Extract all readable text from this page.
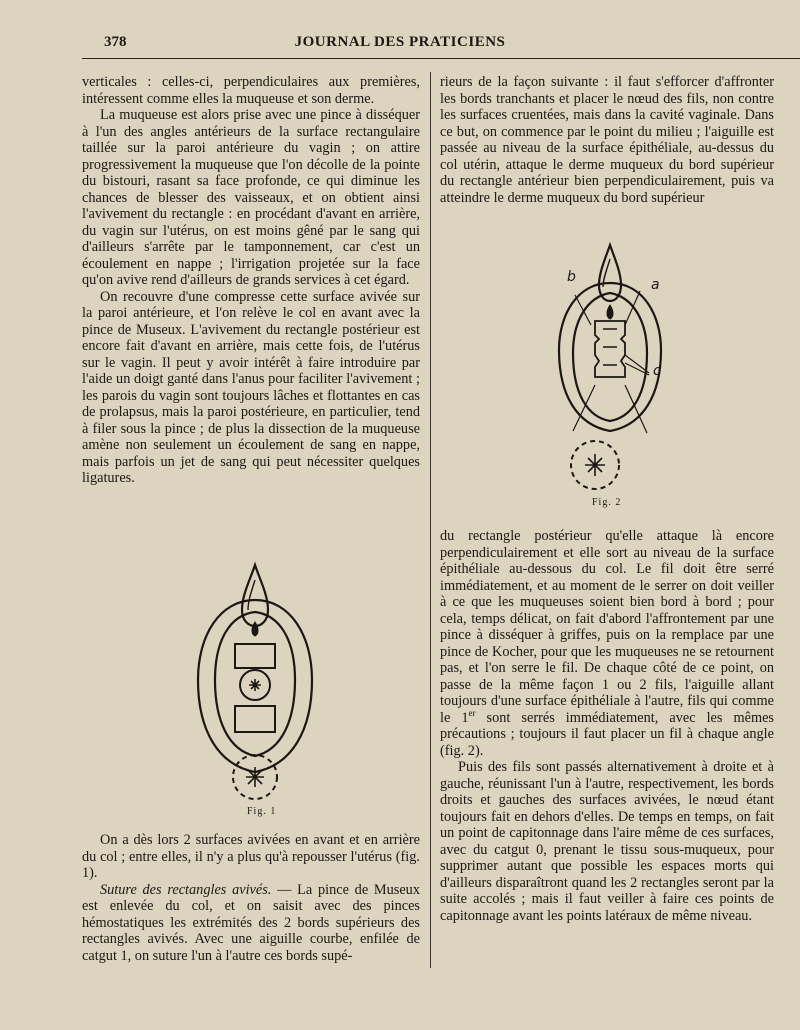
378	JOURNAL DES PRATICIENS

verticales : celles-ci, perpendiculaires aux premières, intéressent comme elles la muqueuse et son derme.

La muqueuse est alors prise avec une pince à disséquer à l'un des angles antérieurs de la surface rectangulaire taillée sur la paroi antérieure du vagin ; on attire progressivement la muqueuse que l'on décolle de la pointe du bistouri, rasant sa face profonde, ce qui diminue les chances de blesser des vaisseaux, et on obtient ainsi l'avivement du rectangle : en procédant d'avant en arrière, du vagin sur l'utérus, on est moins gêné par le sang qui d'ailleurs s'arrête par le tamponnement, car c'est un écoulement en nappe ; l'irrigation projetée sur la face qu'on avive rend d'ailleurs de grands services à cet égard.

On recouvre d'une compresse cette surface avivée sur la paroi antérieure, et l'on relève le col en avant avec la pince de Museux. L'avivement du rectangle postérieur est encore fait d'avant en arrière, mais cette fois, de l'utérus sur le vagin. Il peut y avoir intérêt à faire introduire par l'aide un doigt ganté dans l'anus pour faciliter l'avivement ; les parois du vagin sont toujours lâches et flottantes en cas de prolapsus, mais la paroi postérieure, en particulier, tend à filer sous la pince ; de plus la dissection de la muqueuse amène non seulement un écoulement de sang en nappe, mais parfois un jet de sang qui peut nécessiter quelques ligatures.

Fig. 1

On a dès lors 2 surfaces avivées en avant et en arrière du col ; entre elles, il n'y a plus qu'à repousser l'utérus (fig. 1).

Suture des rectangles avivés. — La pince de Museux est enlevée du col, et on saisit avec des pinces hémostatiques les extrémités des 2 bords supérieurs des rectangles avivés. Avec une aiguille courbe, enfilée de catgut 1, on suture l'un à l'autre ces bords supé-

rieurs de la façon suivante : il faut s'efforcer d'affronter les bords tranchants et placer le nœud des fils, non contre les surfaces cruentées, mais dans la cavité vaginale. Dans ce but, on commence par le point du milieu ; l'aiguille est passée au niveau de la surface épithéliale, au-dessus du col utérin, attaque le derme muqueux du bord supérieur du rectangle antérieur bien perpendiculairement, puis va atteindre le derme muqueux du bord supérieur

b	a
c
Fig. 2

du rectangle postérieur qu'elle attaque là encore perpendiculairement et elle sort au niveau de la surface épithéliale au-dessous du col. Le fil doit être serré immédiatement, et au moment de le serrer on doit veiller à ce que les muqueuses soient bien bord à bord ; pour cela, temps délicat, on fait d'abord l'affrontement par une pince à disséquer à griffes, puis on la remplace par une pince de Kocher, pour que les muqueuses ne se retournent pas, et l'on serre le fil. De chaque côté de ce point, on passe de la même façon 1 ou 2 fils, l'aiguille allant toujours d'une surface épithéliale à l'autre, fils qui comme le 1er sont serrés immédiatement, avec les mêmes précautions ; toujours il faut placer un fil à chaque angle (fig. 2).

Puis des fils sont passés alternativement à droite et à gauche, réunissant l'un à l'autre, respectivement, les bords droits et gauches des surfaces avivées, le nœud étant toujours fait en dehors d'elles. De temps en temps, on fait un point de capitonnage dans l'aire même de ces surfaces, avec du catgut 0, prenant le tissu sous-muqueux, pour supprimer autant que possible les espaces morts qui d'ailleurs disparaîtront quand les 2 rectangles seront par la suite accolés ; mais il faut veiller à faire ces points de capitonnage avant les points latéraux de même niveau.
